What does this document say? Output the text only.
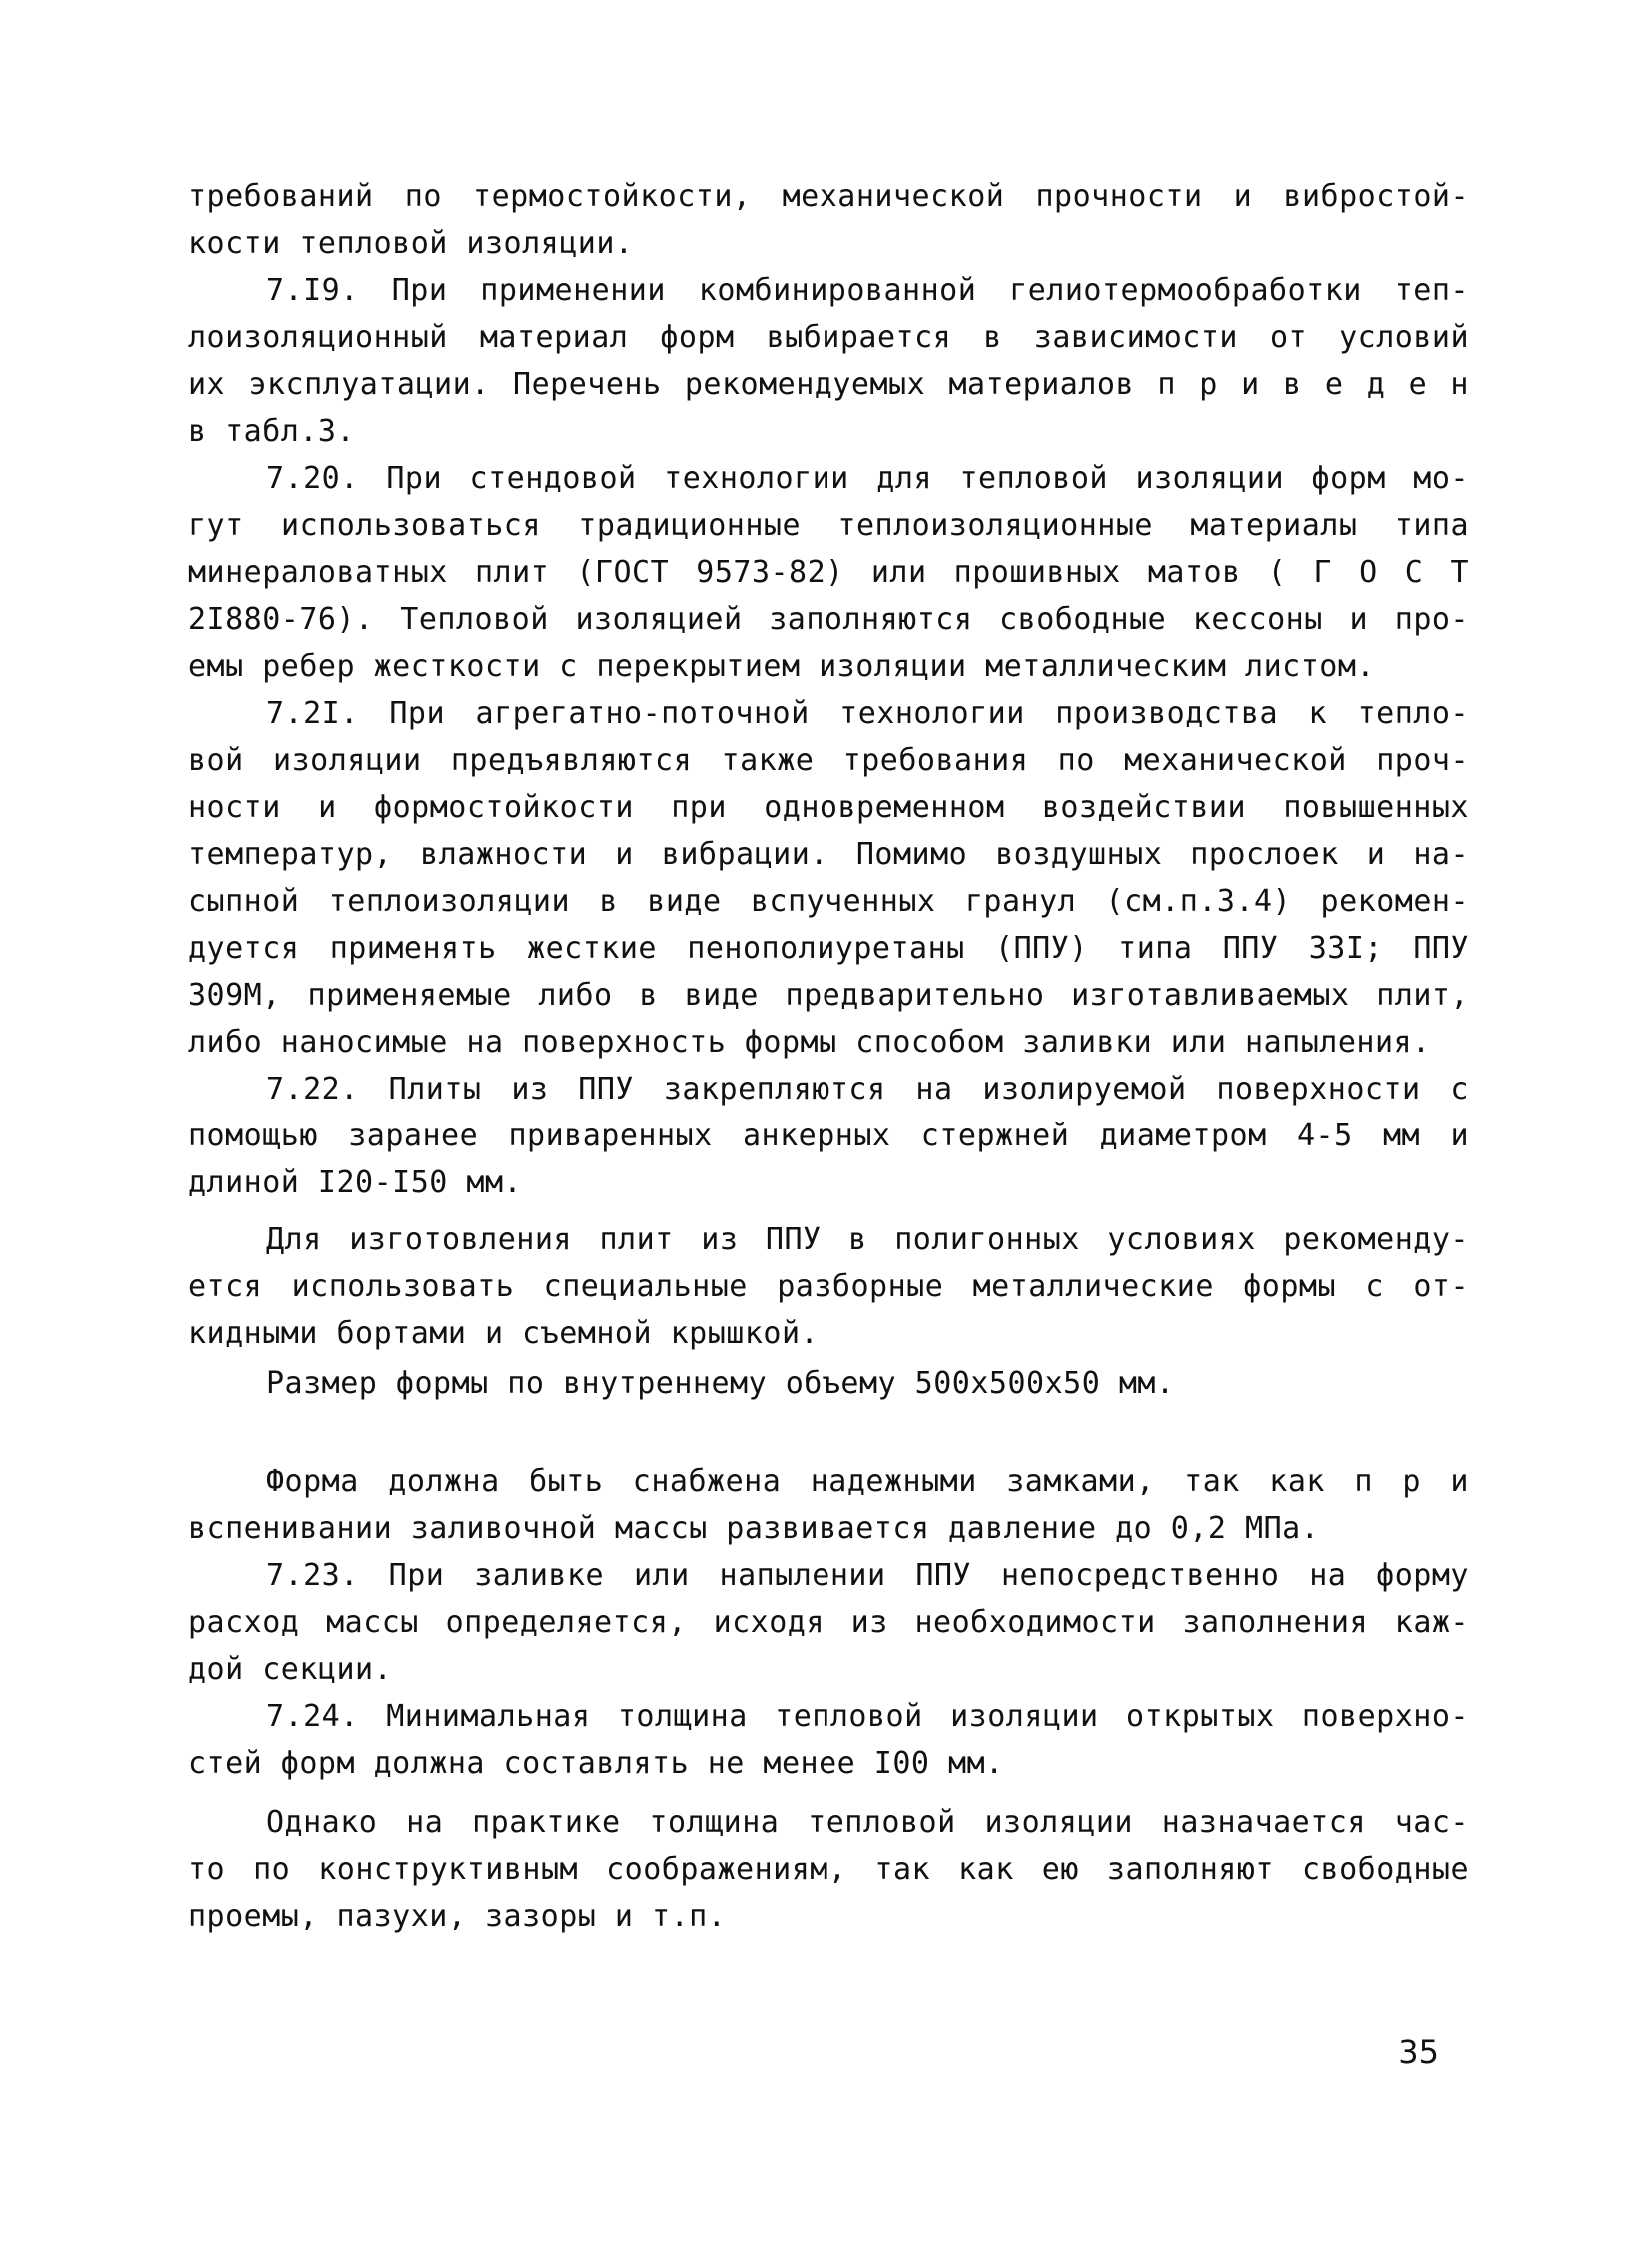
требований по термостойкости, механической прочности и вибростой-
кости тепловой изоляции.
7.I9. При применении комбинированной гелиотермообработки теп-
лоизоляционный материал форм выбирается в зависимости от условий
их эксплуатации. Перечень рекомендуемых материалов п р и в е д е н
в табл.3.
7.20. При стендовой технологии для тепловой изоляции форм мо-
гут использоваться традиционные теплоизоляционные материалы типа
минераловатных плит (ГОСТ 9573-82) или прошивных матов ( Г О С Т
2I880-76). Тепловой изоляцией заполняются свободные кессоны и про-
емы ребер жесткости с перекрытием изоляции металлическим листом.
7.2I. При агрегатно-поточной технологии производства к тепло-
вой изоляции предъявляются также требования по механической проч-
ности и формостойкости при одновременном воздействии повышенных
температур, влажности и вибрации. Помимо воздушных прослоек и на-
сыпной теплоизоляции в виде вспученных гранул (см.п.3.4) рекомен-
дуется применять жесткие пенополиуретаны (ППУ) типа ППУ 33I; ППУ
309М, применяемые либо в виде предварительно изготавливаемых плит,
либо наносимые на поверхность формы способом заливки или напыления.
7.22. Плиты из ППУ закрепляются на изолируемой поверхности с
помощью заранее приваренных анкерных стержней диаметром 4-5 мм и
длиной I20-I50 мм.
Для изготовления плит из ППУ в полигонных условиях рекоменду-
ется использовать специальные разборные металлические формы с от-
кидными бортами и съемной крышкой.
Размер формы по внутреннему объему 500х500х50 мм.
Форма должна быть снабжена надежными замками, так как п р и
вспенивании заливочной массы развивается давление до 0,2 МПа.
7.23. При заливке или напылении ППУ непосредственно на форму
расход массы определяется, исходя из необходимости заполнения каж-
дой секции.
7.24. Минимальная толщина тепловой изоляции открытых поверхно-
стей форм должна составлять не менее I00 мм.
Однако на практике толщина тепловой изоляции назначается час-
то по конструктивным соображениям, так как ею заполняют свободные
проемы, пазухи, зазоры и т.п.
35
